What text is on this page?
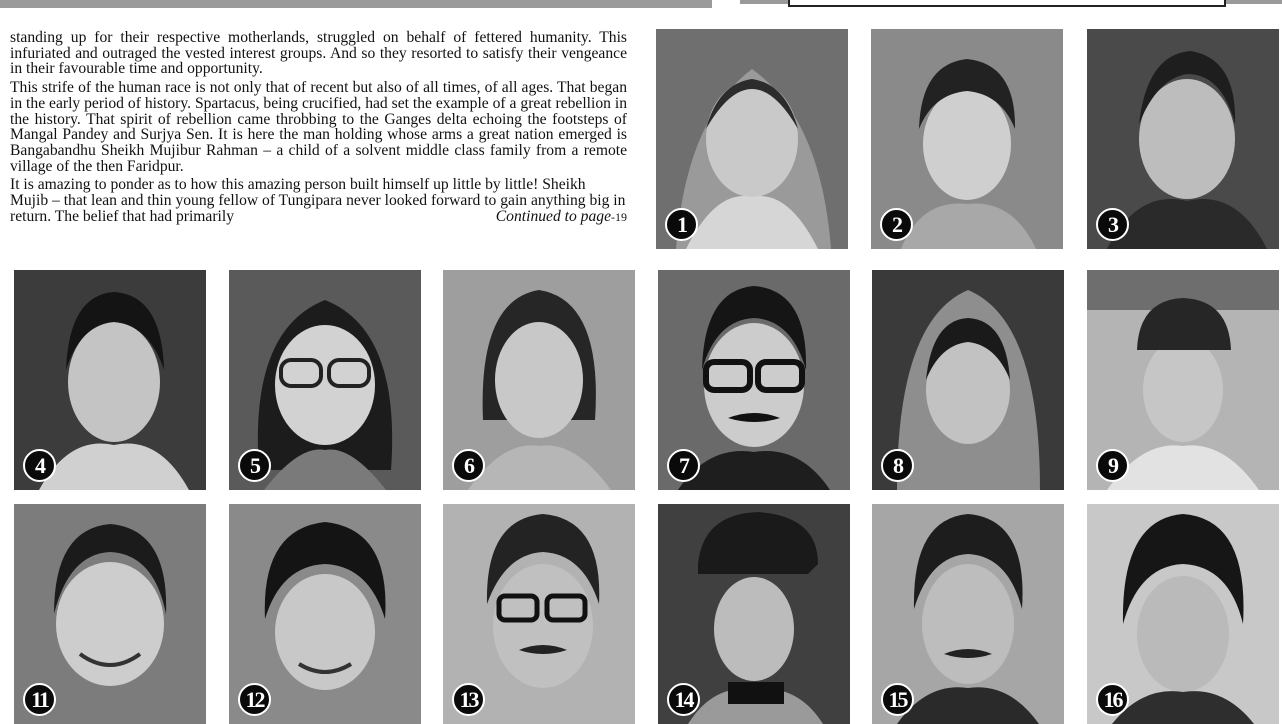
standing up for their respective motherlands, struggled on behalf of fettered humanity. This infuriated and outraged the vested interest groups. And so they resorted to satisfy their vengeance in their favourable time and opportunity.

This strife of the human race is not only that of recent but also of all times, of all ages. That began in the early period of history. Spartacus, being crucified, had set the example of a great rebellion in the history. That spirit of rebellion came throbbing to the Ganges delta echoing the footsteps of Mangal Pandey and Surjya Sen. It is here the man holding whose arms a great nation emerged is Bangabandhu Sheikh Mujibur Rahman – a child of a solvent middle class family from a remote village of the then Faridpur.

It is amazing to ponder as to how this amazing person built himself up little by little! Sheikh Mujib – that lean and thin young fellow of Tungipara never looked forward to gain anything big in return. The belief that had primarily	Continued to page-19	1	2	3
4	5	6	7	8	9
11	12	13	14	15	16
